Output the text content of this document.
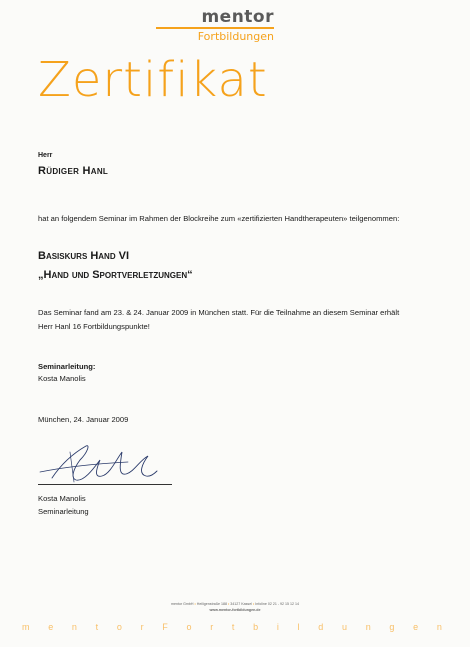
mentor
Fortbildungen
Zertifikat
Herr
Rüdiger Hanl
hat an folgendem Seminar im Rahmen der Blockreihe zum «zertifizierten Handtherapeuten» teilgenommen:
Basiskurs Hand VI
„Hand und Sportverletzungen“
Das Seminar fand am 23. & 24. Januar 2009 in München statt. Für die Teilnahme an diesem Seminar erhält
Herr Hanl 16 Fortbildungspunkte!
Seminarleitung:
Kosta Manolis
München, 24. Januar 2009
Kosta Manolis
Seminarleitung
mentor GmbH • Heiligenstraße 188 • 34127 Kassel • Infoline 02 21 - 92 15 12 14
www.mentor-fortbildungen.de
m e n t o r F o r t b i l d u n g e n
